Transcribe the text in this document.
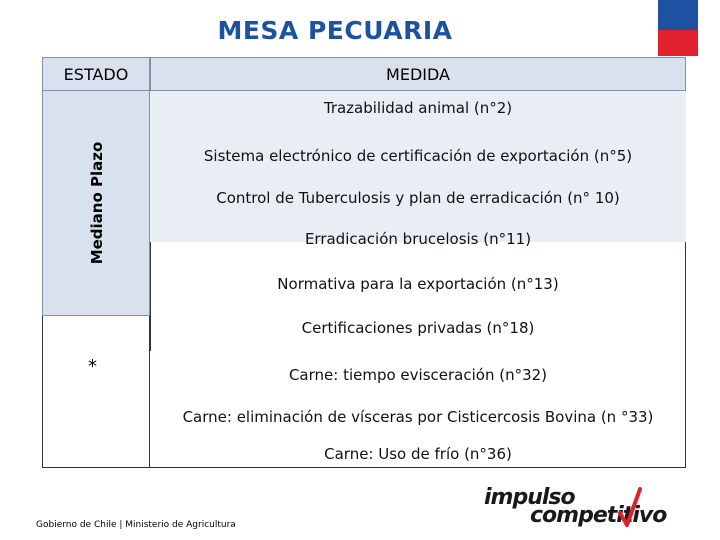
MESA PECUARIA
ESTADO	MEDIDA
Mediano Plazo
*
Trazabilidad animal (n°2)
Sistema electrónico de certificación de exportación (n°5)
Control de Tuberculosis y plan de erradicación (n° 10)
Erradicación brucelosis (n°11)
Normativa para la exportación (n°13)
Certificaciones privadas (n°18)
Carne: tiempo evisceración (n°32)
Carne: eliminación de vísceras por Cisticercosis Bovina (n °33)
Carne: Uso de frío (n°36)
Gobierno de Chile | Ministerio de Agricultura
impulso
competitivo
